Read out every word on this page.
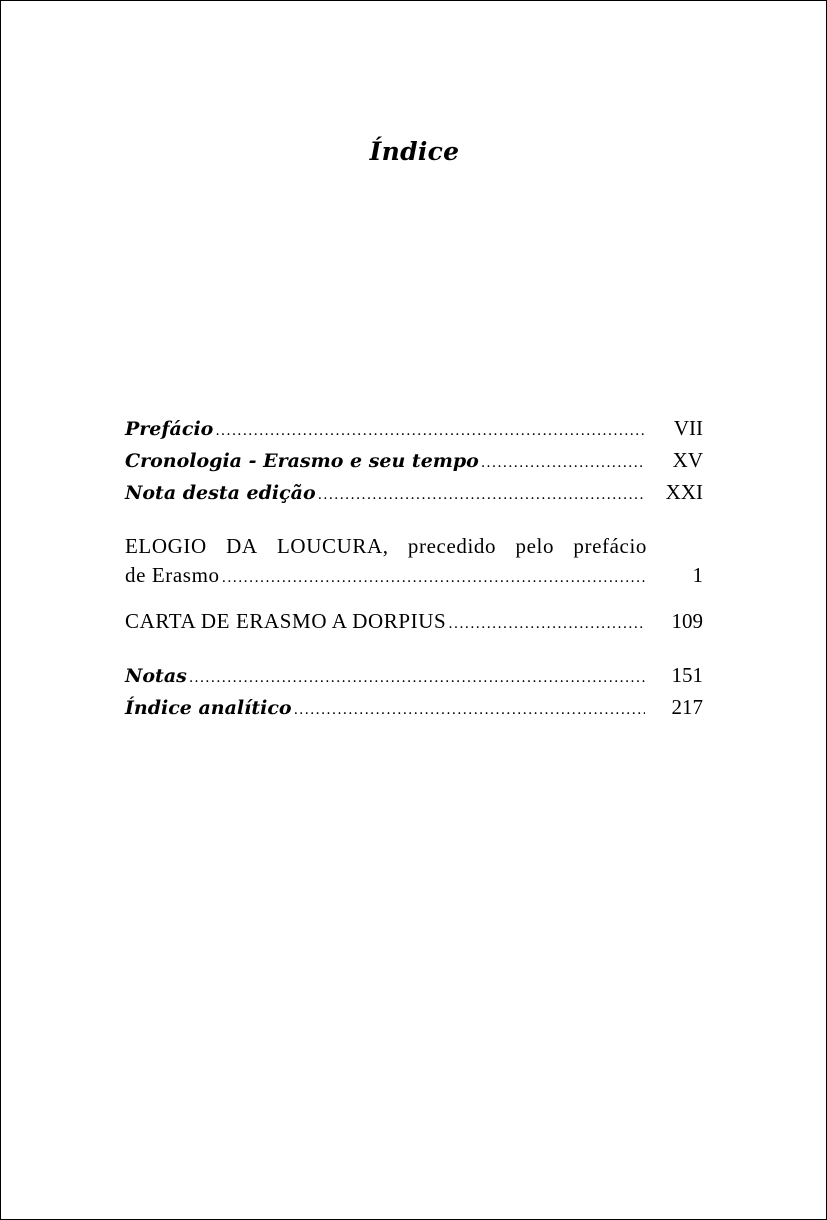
Índice
Prefácio .....	VII
Cronologia - Erasmo e seu tempo .....	XV
Nota desta edição .....	XXI
ELOGIO DA LOUCURA, precedido pelo prefácio
de Erasmo .....	1
CARTA DE ERASMO A DORPIUS .....	109
Notas .....	151
Índice analítico .....	217
